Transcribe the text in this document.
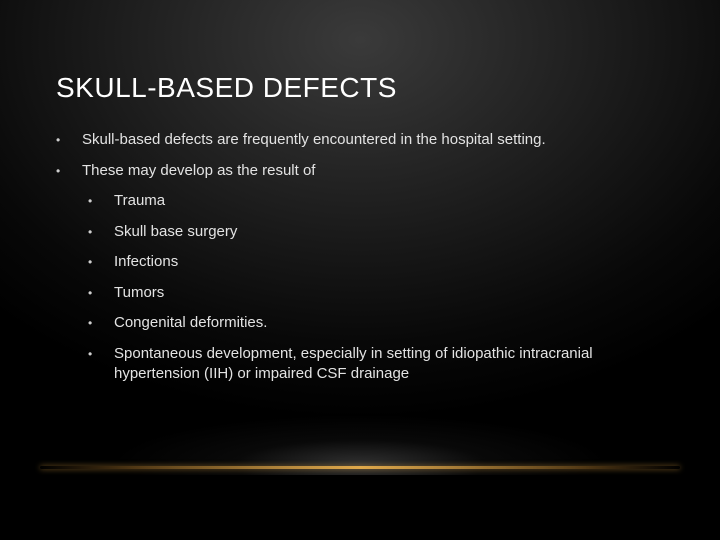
SKULL-BASED DEFECTS
• Skull-based defects are frequently encountered in the hospital setting.
• These may develop as the result of
• Trauma
• Skull base surgery
• Infections
• Tumors
• Congenital deformities.
• Spontaneous development, especially in setting of idiopathic intracranial hypertension (IIH) or impaired CSF drainage
